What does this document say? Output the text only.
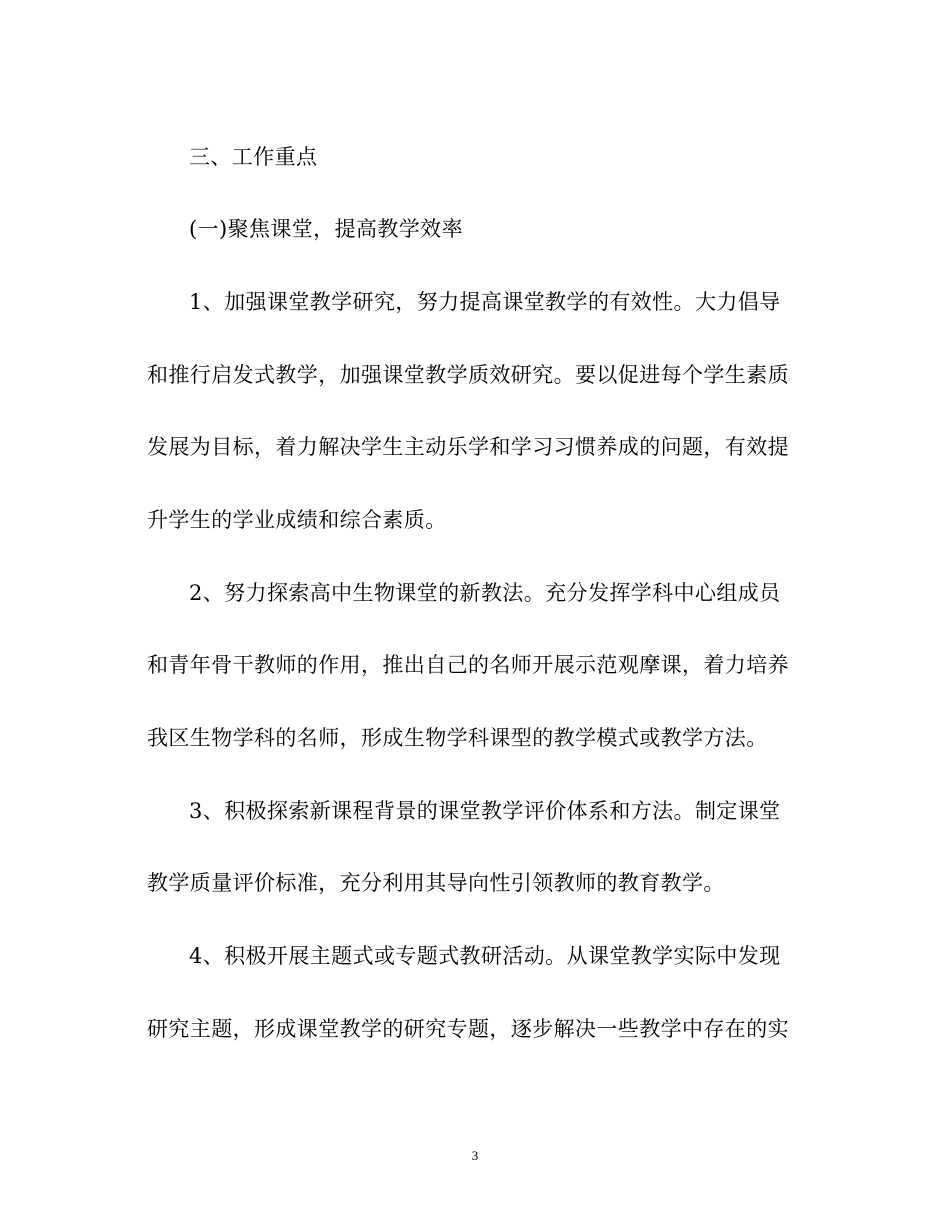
三、工作重点
(一)聚焦课堂，提高教学效率
1、加强课堂教学研究，努力提高课堂教学的有效性。大力倡导
和推行启发式教学，加强课堂教学质效研究。要以促进每个学生素质
发展为目标，着力解决学生主动乐学和学习习惯养成的问题，有效提
升学生的学业成绩和综合素质。
2、努力探索高中生物课堂的新教法。充分发挥学科中心组成员
和青年骨干教师的作用，推出自己的名师开展示范观摩课，着力培养
我区生物学科的名师，形成生物学科课型的教学模式或教学方法。
3、积极探索新课程背景的课堂教学评价体系和方法。制定课堂
教学质量评价标准，充分利用其导向性引领教师的教育教学。
4、积极开展主题式或专题式教研活动。从课堂教学实际中发现
研究主题，形成课堂教学的研究专题，逐步解决一些教学中存在的实
3
